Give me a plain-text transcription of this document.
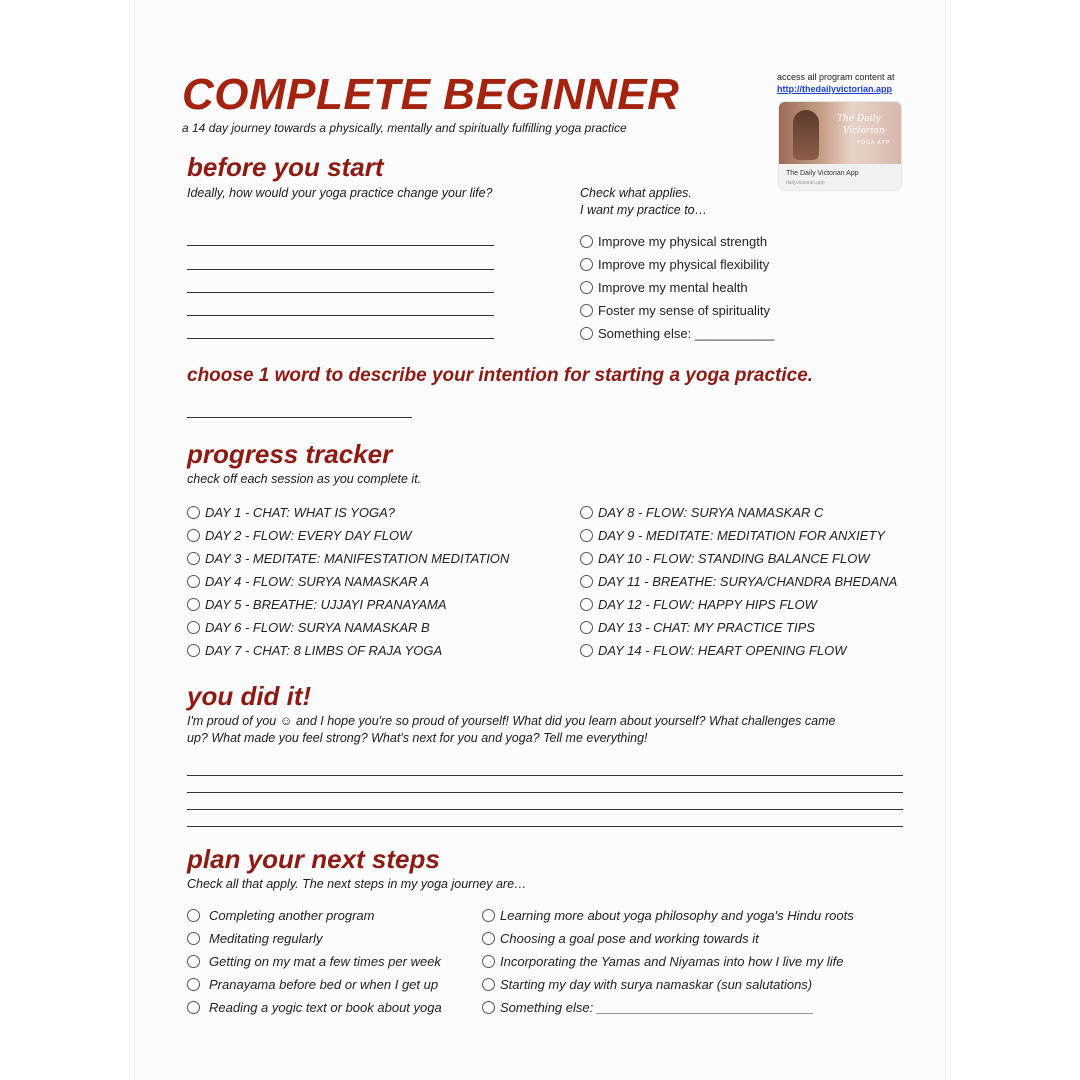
COMPLETE BEGINNER
a 14 day journey towards a physically, mentally and spiritually fulfilling yoga practice
access all program content at
http://thedailyvictorian.app
The Daily
Victorian
YOGA APP
The Daily Victorian App
dailyvictorian.app
before you start
Ideally, how would your yoga practice change your life?	Check what applies.
I want my practice to…
Improve my physical strength
Improve my physical flexibility
Improve my mental health
Foster my sense of spirituality
Something else: ___________
choose 1 word to describe your intention for starting a yoga practice.
progress tracker
check off each session as you complete it.
DAY 1 - CHAT: WHAT IS YOGA?
DAY 2 - FLOW: EVERY DAY FLOW
DAY 3 - MEDITATE: MANIFESTATION MEDITATION
DAY 4 - FLOW: SURYA NAMASKAR A
DAY 5 - BREATHE: UJJAYI PRANAYAMA
DAY 6 - FLOW: SURYA NAMASKAR B
DAY 7 - CHAT: 8 LIMBS OF RAJA YOGA
DAY 8 - FLOW: SURYA NAMASKAR C
DAY 9 - MEDITATE: MEDITATION FOR ANXIETY
DAY 10 - FLOW: STANDING BALANCE FLOW
DAY 11 - BREATHE: SURYA/CHANDRA BHEDANA
DAY 12 - FLOW: HAPPY HIPS FLOW
DAY 13 - CHAT: MY PRACTICE TIPS
DAY 14 - FLOW: HEART OPENING FLOW
you did it!
I'm proud of you ☺ and I hope you're so proud of yourself! What did you learn about yourself? What challenges came
up? What made you feel strong? What's next for you and yoga? Tell me everything!
plan your next steps
Check all that apply. The next steps in my yoga journey are…
Completing another program
Meditating regularly
Getting on my mat a few times per week
Pranayama before bed or when I get up
Reading a yogic text or book about yoga
Learning more about yoga philosophy and yoga's Hindu roots
Choosing a goal pose and working towards it
Incorporating the Yamas and Niyamas into how I live my life
Starting my day with surya namaskar (sun salutations)
Something else: ______________________________
